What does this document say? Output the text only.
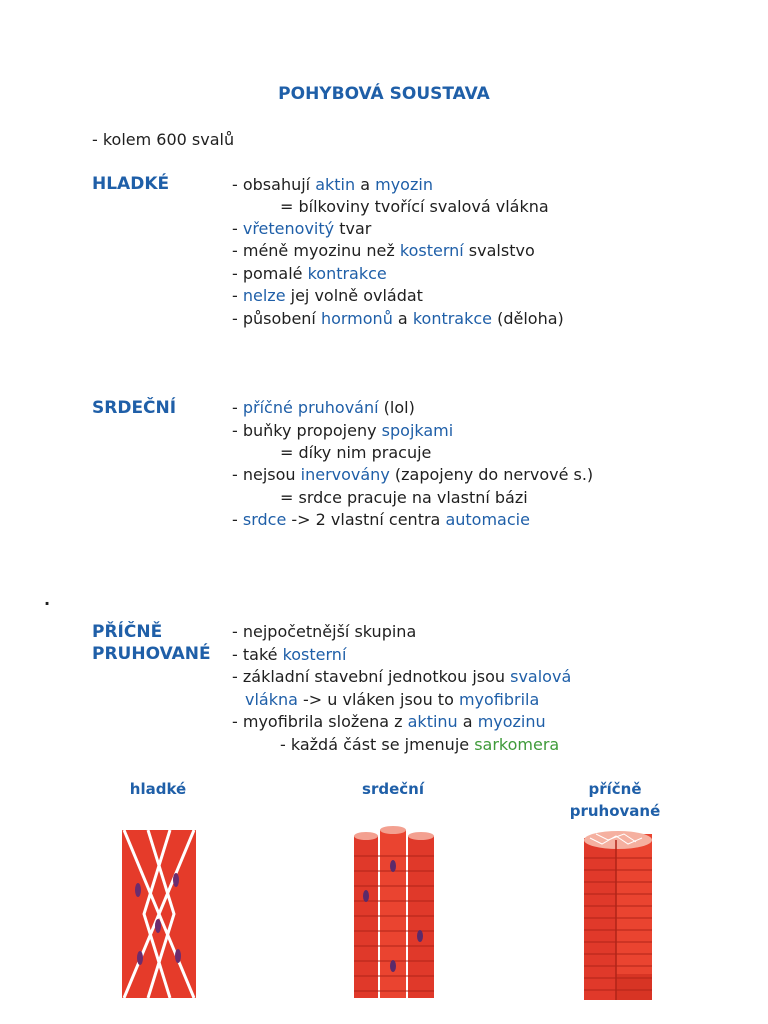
POHYBOVÁ SOUSTAVA
- kolem 600 svalů
HLADKÉ	- obsahují aktin a myozin
= bílkoviny tvořící svalová vlákna
- vřetenovitý tvar
- méně myozinu než kosterní svalstvo
- pomalé kontrakce
- nelze jej volně ovládat
- působení hormonů a kontrakce (děloha)
SRDEČNÍ	- příčné pruhování (lol)
- buňky propojeny spojkami
= díky nim pracuje
- nejsou inervovány (zapojeny do nervové s.)
= srdce pracuje na vlastní bázi
- srdce -> 2 vlastní centra automacie
.
PŘÍČNĚ
PRUHOVANÉ
- nejpočetnější skupina
- také kosterní
- základní stavební jednotkou jsou svalová
vlákna -> u vláken jsou to myofibrila
- myofibrila složena z aktinu a myozinu
- každá část se jmenuje sarkomera
hladké	srdeční	příčně
pruhované
